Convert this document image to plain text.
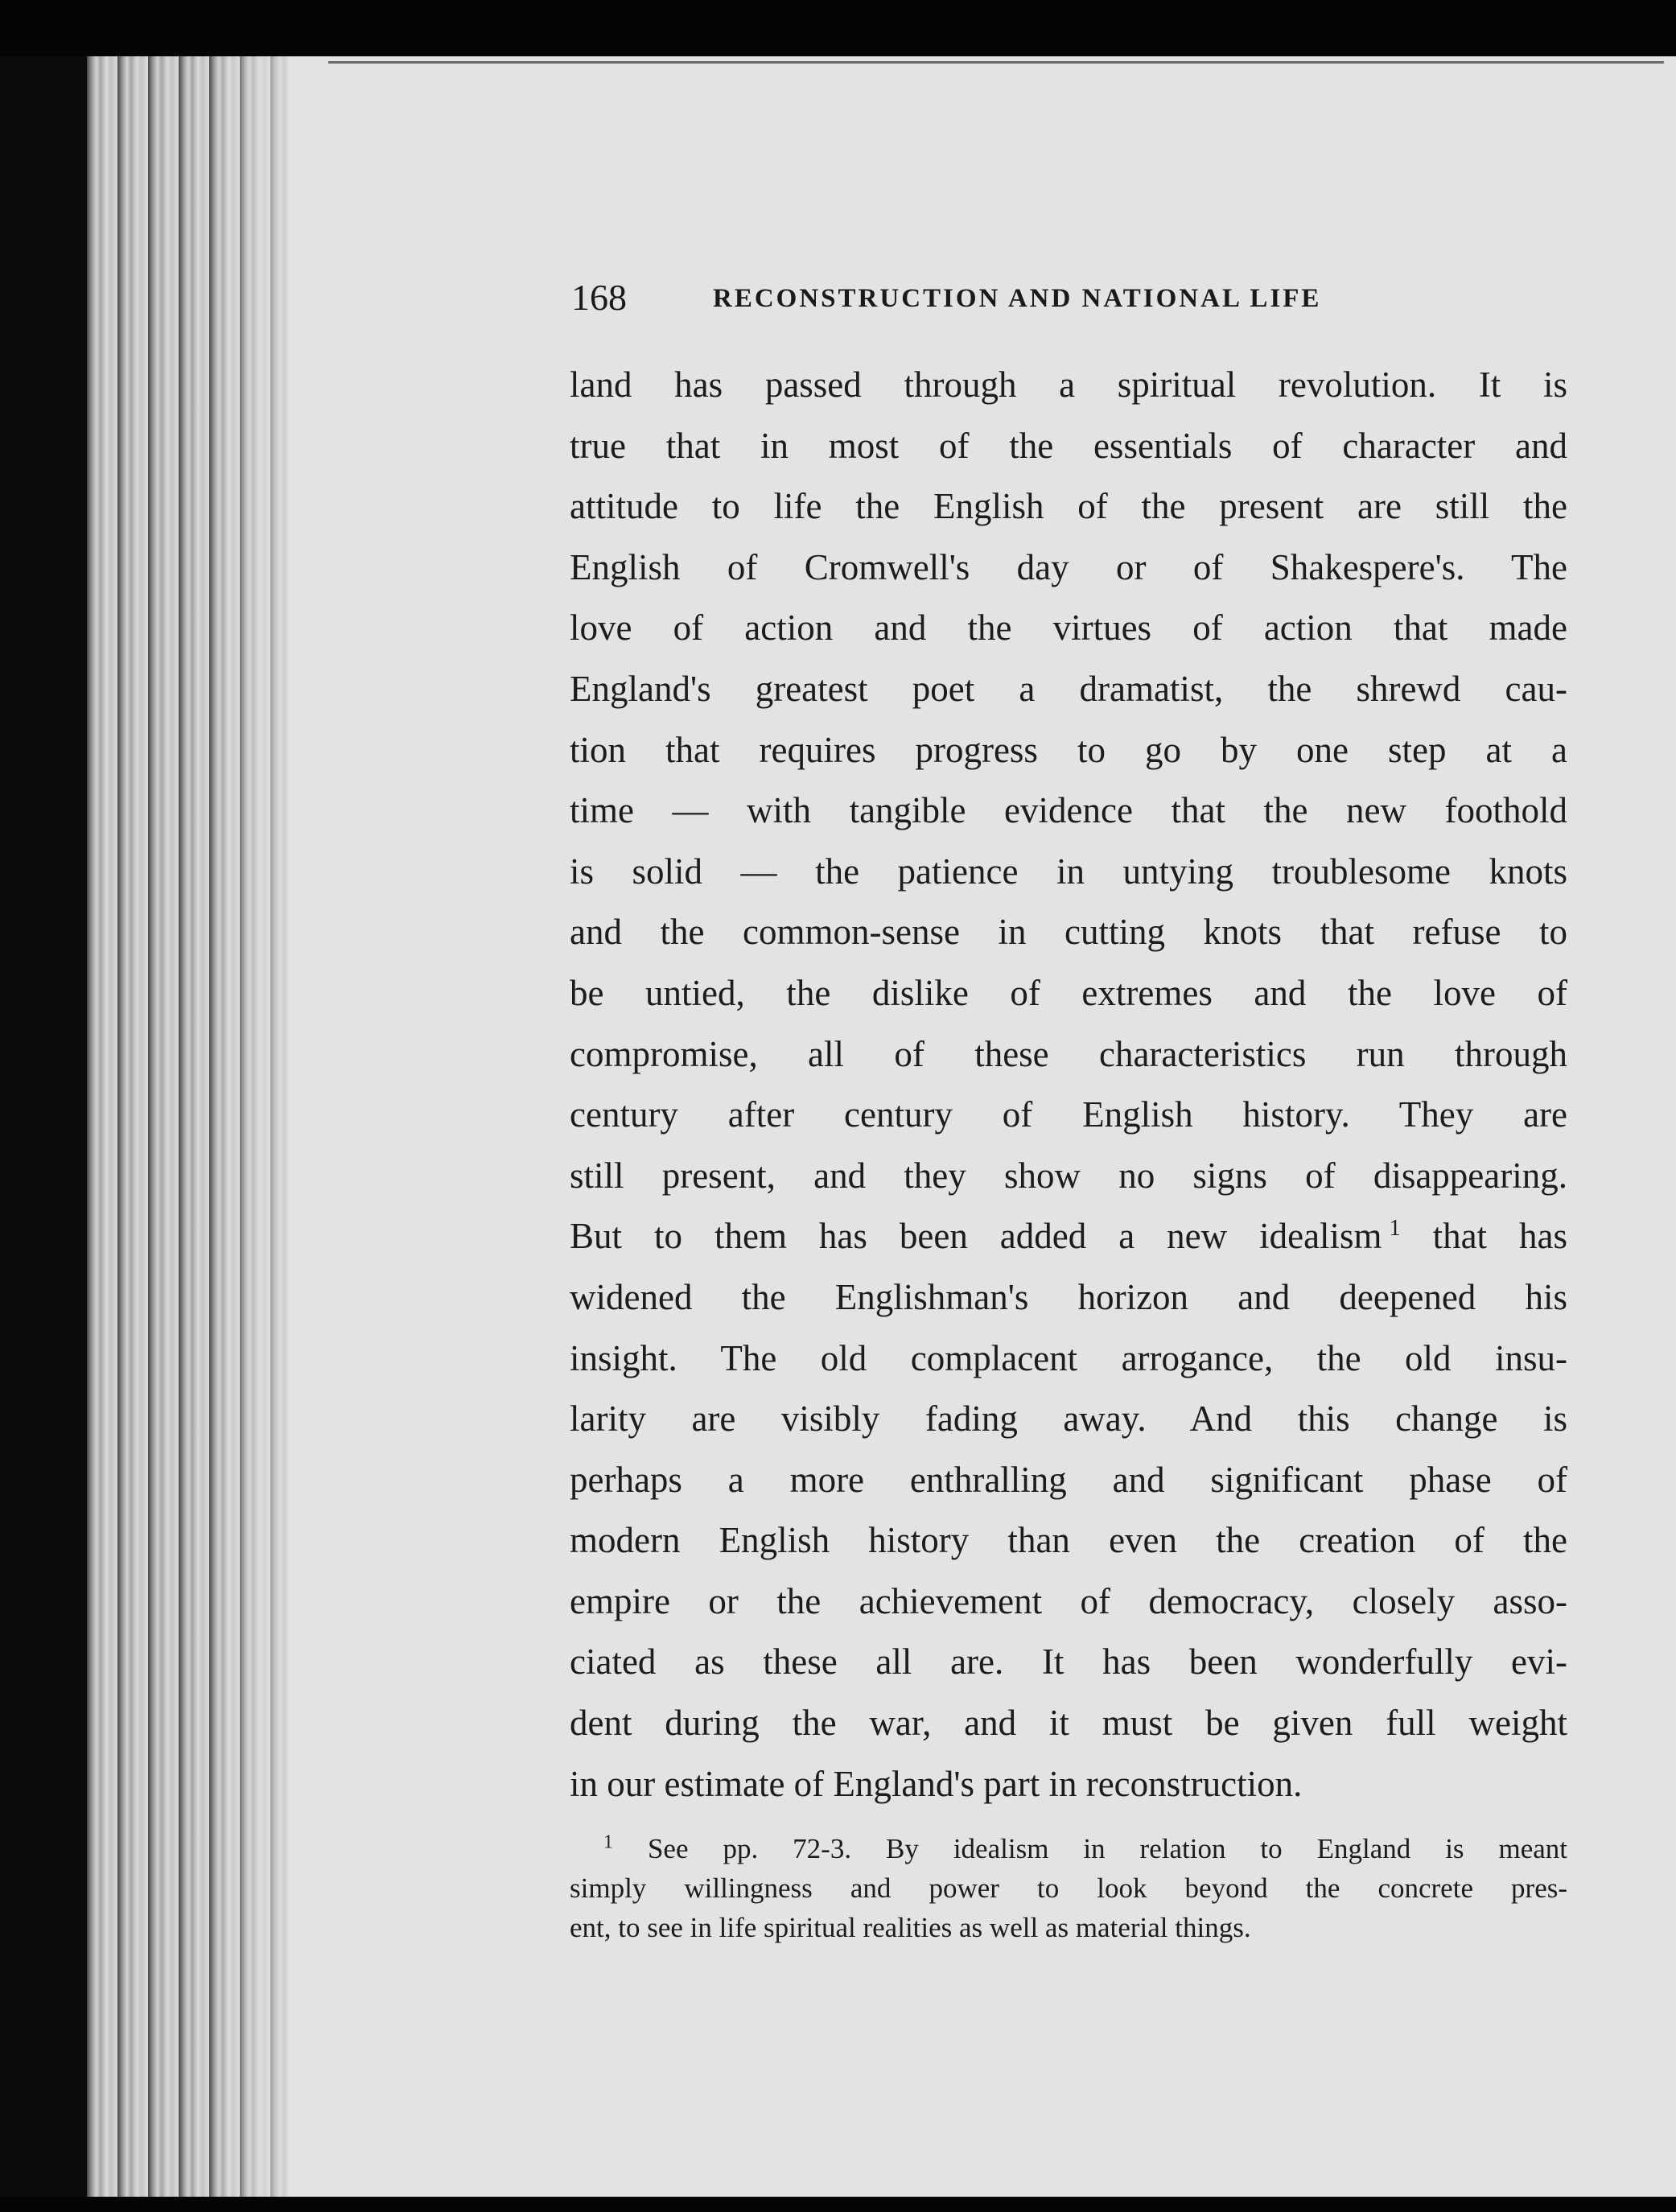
168	RECONSTRUCTION AND NATIONAL LIFE
land has passed through a spiritual revolution. It is
true that in most of the essentials of character and
attitude to life the English of the present are still the
English of Cromwell's day or of Shakespere's. The
love of action and the virtues of action that made
England's greatest poet a dramatist, the shrewd cau-
tion that requires progress to go by one step at a
time — with tangible evidence that the new foothold
is solid — the patience in untying troublesome knots
and the common-sense in cutting knots that refuse to
be untied, the dislike of extremes and the love of
compromise, all of these characteristics run through
century after century of English history. They are
still present, and they show no signs of disappearing.
But to them has been added a new idealism  $^1$ that has
widened the Englishman's horizon and deepened his
insight. The old complacent arrogance, the old insu-
larity are visibly fading away. And this change is
perhaps a more enthralling and significant phase of
modern English history than even the creation of the
empire or the achievement of democracy, closely asso-
ciated as these all are. It has been wonderfully evi-
dent during the war, and it must be given full weight
in our estimate of England's part in reconstruction.
$^1$ See pp. 72-3. By idealism in relation to England is meant
simply willingness and power to look beyond the concrete pres-
ent, to see in life spiritual realities as well as material things.
